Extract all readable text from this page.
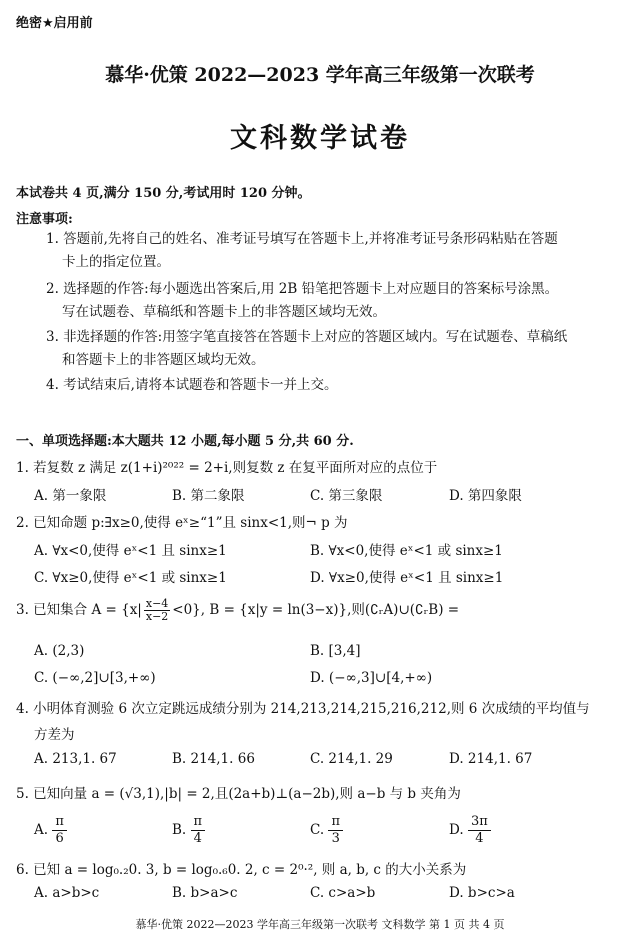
绝密★启用前
慕华·优策 2022—2023 学年高三年级第一次联考
文科数学试卷
本试卷共 4 页,满分 150 分,考试用时 120 分钟。
注意事项:
1. 答题前,先将自己的姓名、准考证号填写在答题卡上,并将准考证号条形码粘贴在答题
卡上的指定位置。
2. 选择题的作答:每小题选出答案后,用 2B 铅笔把答题卡上对应题目的答案标号涂黑。
写在试题卷、草稿纸和答题卡上的非答题区域均无效。
3. 非选择题的作答:用签字笔直接答在答题卡上对应的答题区域内。写在试题卷、草稿纸
和答题卡上的非答题区域均无效。
4. 考试结束后,请将本试题卷和答题卡一并上交。
一、单项选择题:本大题共 12 小题,每小题 5 分,共 60 分.
1. 若复数 z 满足 z(1+i)²⁰²² = 2+i,则复数 z 在复平面所对应的点位于
A. 第一象限	B. 第二象限	C. 第三象限	D. 第四象限
2. 已知命题 p:∃x≥0,使得 eˣ≥“1”且 sinx<1,则¬ p 为
A. ∀x<0,使得 eˣ<1 且 sinx≥1	B. ∀x<0,使得 eˣ<1 或 sinx≥1
C. ∀x≥0,使得 eˣ<1 或 sinx≥1	D. ∀x≥0,使得 eˣ<1 且 sinx≥1
3. 已知集合 $A = \{x| \frac{x-4}{x-2} <0\}$, B = {x|y = ln(3−x)},则(∁ᵣA)∪(∁ᵣB) =
A. (2,3)	B. [3,4]
C. (−∞,2]∪[3,+∞)	D. (−∞,3]∪[4,+∞)
4. 小明体育测验 6 次立定跳远成绩分别为 214,213,214,215,216,212,则 6 次成绩的平均值与
方差为
A. 213,1. 67	B. 214,1. 66	C. 214,1. 29	D. 214,1. 67
5. 已知向量 a = (√3,1),|b| = 2,且(2a+b)⊥(a−2b),则 a−b 与 b 夹角为
A. $\frac{\pi}{6}$	B. $\frac{\pi}{4}$	C. $\frac{\pi}{3}$	D. $\frac{3\pi}{4}$
6. 已知 a = log₀.₂0. 3, b = log₀.₆0. 2, c = 2⁰·², 则 a, b, c 的大小关系为
A. a>b>c	B. b>a>c	C. c>a>b	D. b>c>a
慕华·优策 2022—2023 学年高三年级第一次联考 文科数学 第 1 页 共 4 页
